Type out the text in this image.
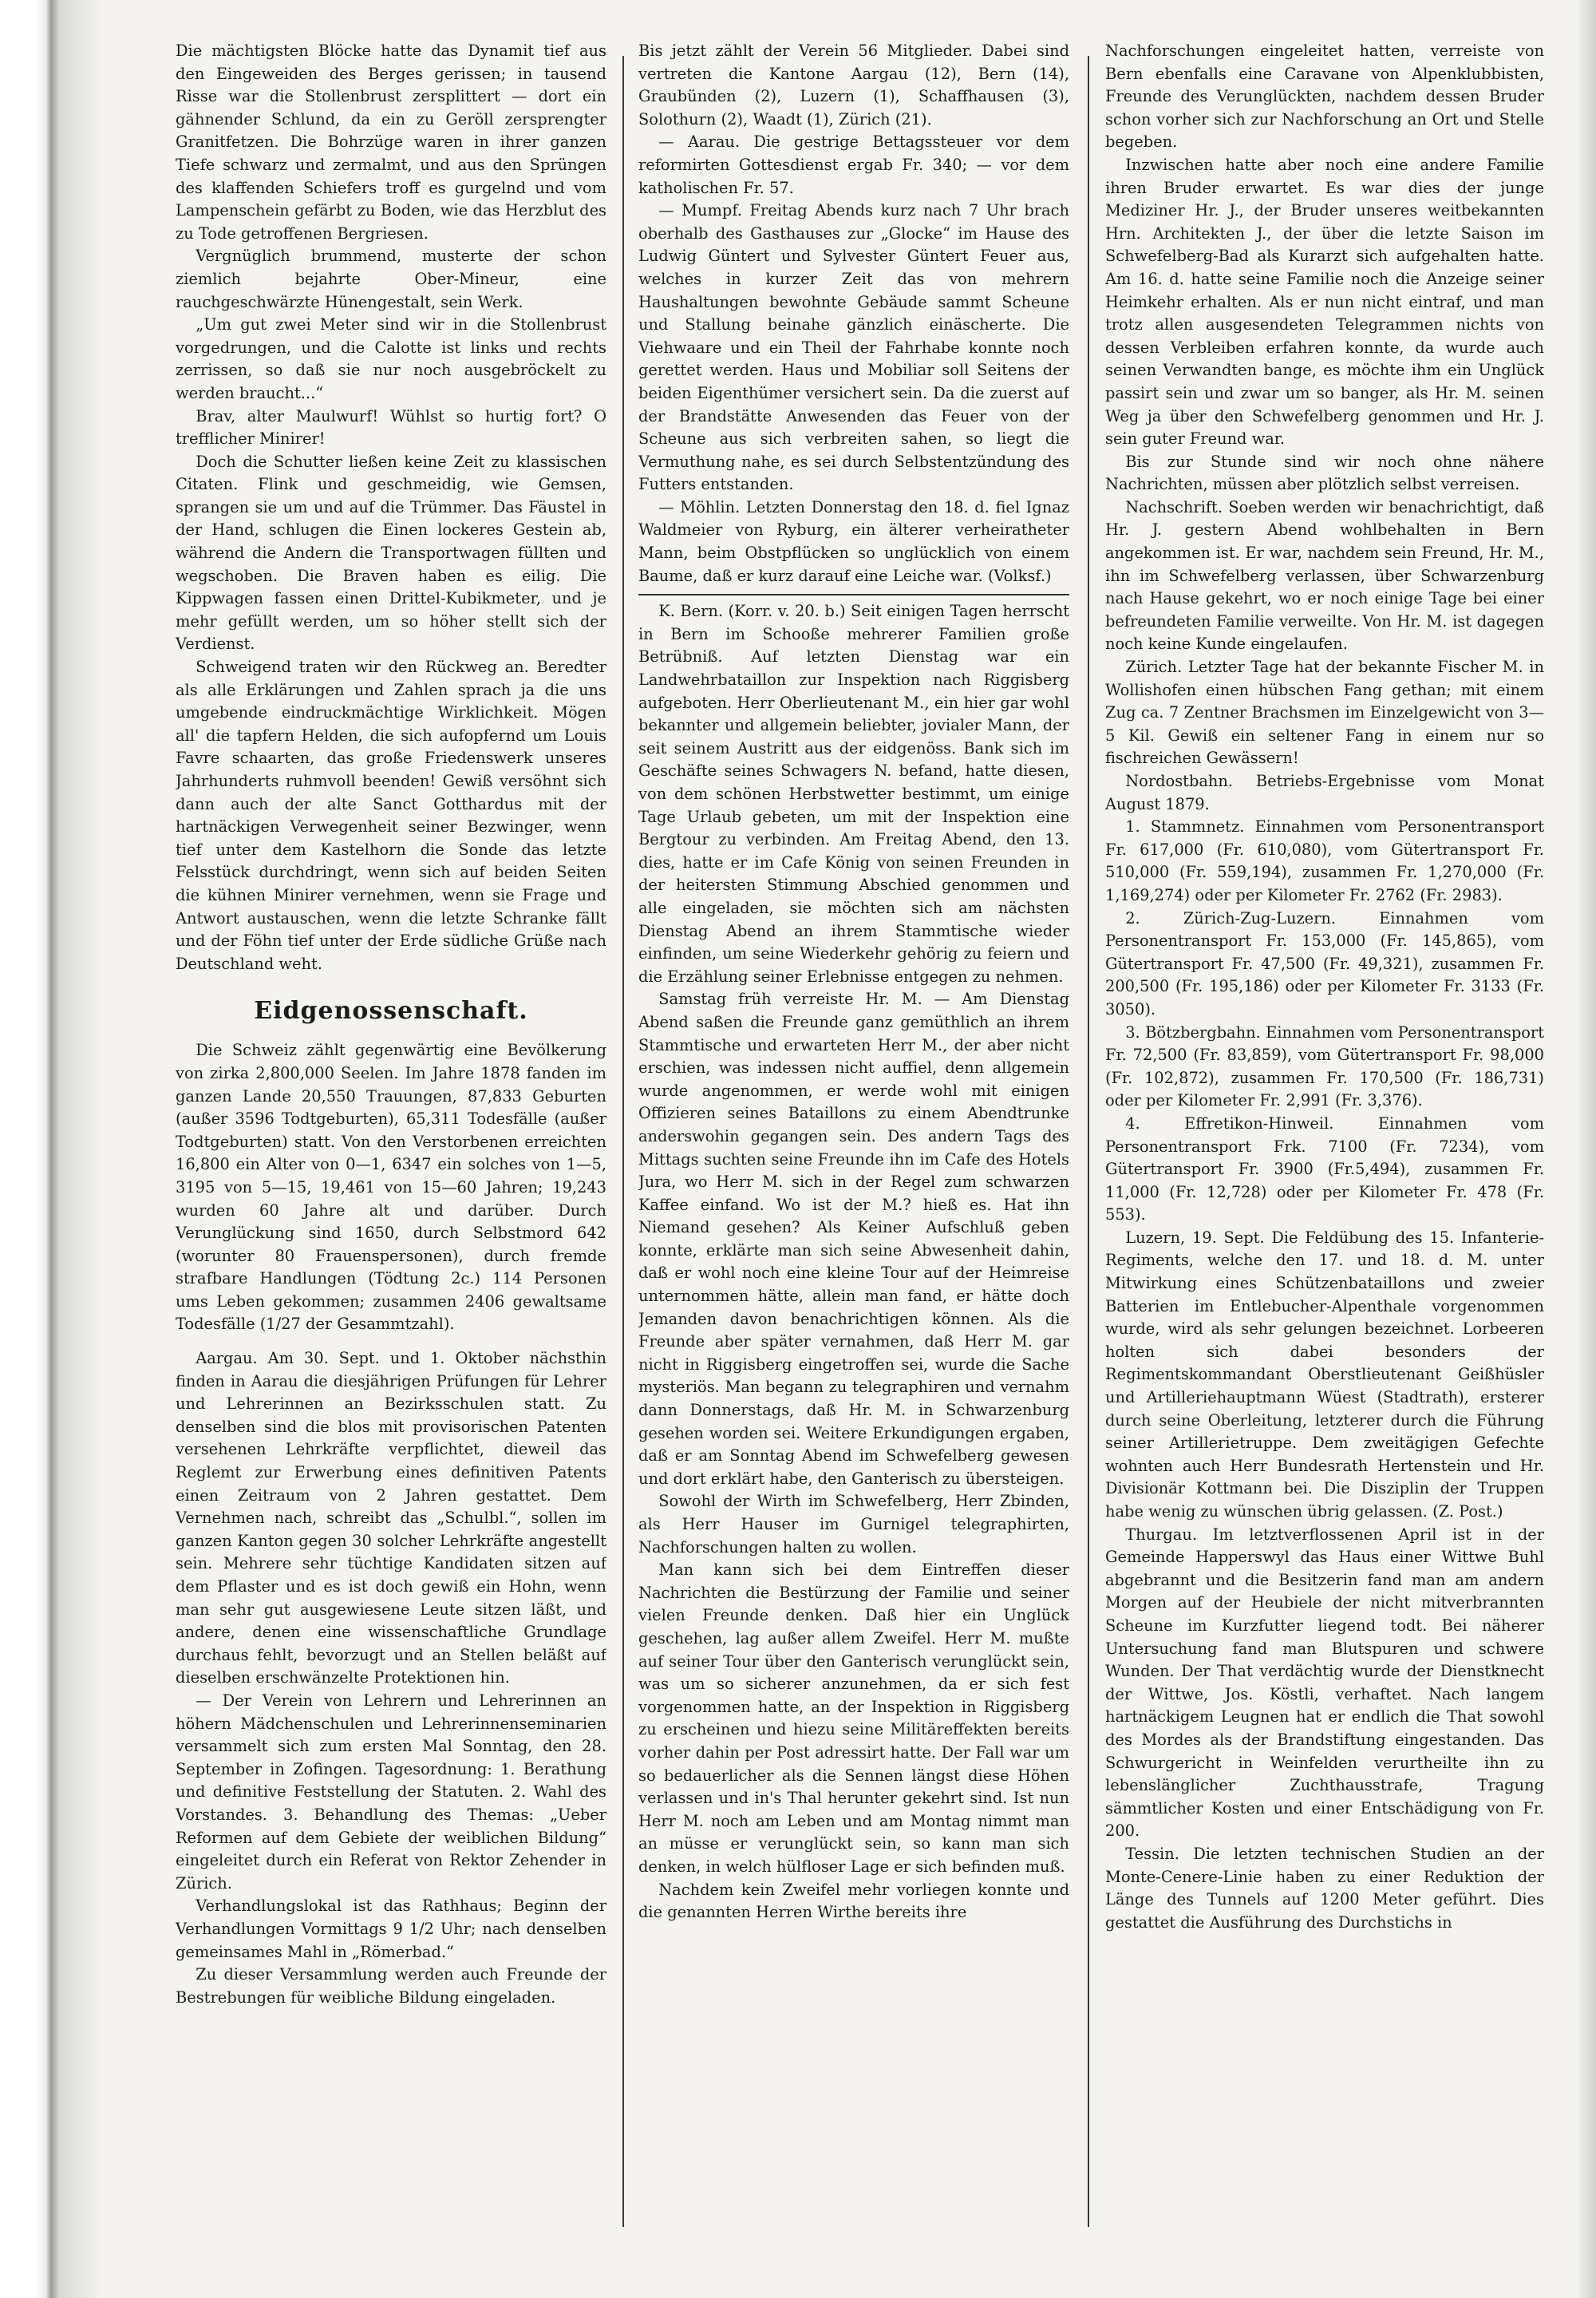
Die mächtigsten Blöcke hatte das Dynamit tief aus den Eingeweiden des Berges gerissen; in tausend Risse war die Stollenbrust zersplittert — dort ein gähnender Schlund, da ein zu Geröll zersprengter Granitfetzen. Die Bohrzüge waren in ihrer ganzen Tiefe schwarz und zermalmt, und aus den Sprüngen des klaffenden Schiefers troff es gurgelnd und vom Lampenschein gefärbt zu Boden, wie das Herzblut des zu Tode getroffenen Bergriesen.

Vergnüglich brummend, musterte der schon ziemlich bejahrte Ober-Mineur, eine rauchgeschwärzte Hünengestalt, sein Werk.

„Um gut zwei Meter sind wir in die Stollenbrust vorgedrungen, und die Calotte ist links und rechts zerrissen, so daß sie nur noch ausgebröckelt zu werden braucht...“

Brav, alter Maulwurf! Wühlst so hurtig fort? O trefflicher Minirer!

Doch die Schutter ließen keine Zeit zu klassischen Citaten. Flink und geschmeidig, wie Gemsen, sprangen sie um und auf die Trümmer. Das Fäustel in der Hand, schlugen die Einen lockeres Gestein ab, während die Andern die Transportwagen füllten und wegschoben. Die Braven haben es eilig. Die Kippwagen fassen einen Drittel-Kubikmeter, und je mehr gefüllt werden, um so höher stellt sich der Verdienst.

Schweigend traten wir den Rückweg an. Beredter als alle Erklärungen und Zahlen sprach ja die uns umgebende eindruckmächtige Wirklichkeit. Mögen all' die tapfern Helden, die sich aufopfernd um Louis Favre schaarten, das große Friedenswerk unseres Jahrhunderts ruhmvoll beenden! Gewiß versöhnt sich dann auch der alte Sanct Gotthardus mit der hartnäckigen Verwegenheit seiner Bezwinger, wenn tief unter dem Kastelhorn die Sonde das letzte Felsstück durchdringt, wenn sich auf beiden Seiten die kühnen Minirer vernehmen, wenn sie Frage und Antwort austauschen, wenn die letzte Schranke fällt und der Föhn tief unter der Erde südliche Grüße nach Deutschland weht.

Eidgenossenschaft.

Die Schweiz zählt gegenwärtig eine Bevölkerung von zirka 2,800,000 Seelen. Im Jahre 1878 fanden im ganzen Lande 20,550 Trauungen, 87,833 Geburten (außer 3596 Todtgeburten), 65,311 Todesfälle (außer Todtgeburten) statt. Von den Verstorbenen erreichten 16,800 ein Alter von 0—1, 6347 ein solches von 1—5, 3195 von 5—15, 19,461 von 15—60 Jahren; 19,243 wurden 60 Jahre alt und darüber. Durch Verunglückung sind 1650, durch Selbstmord 642 (worunter 80 Frauenspersonen), durch fremde strafbare Handlungen (Tödtung 2c.) 114 Personen ums Leben gekommen; zusammen 2406 gewaltsame Todesfälle (1/27 der Gesammtzahl).

Aargau. Am 30. Sept. und 1. Oktober nächsthin finden in Aarau die diesjährigen Prüfungen für Lehrer und Lehrerinnen an Bezirksschulen statt. Zu denselben sind die blos mit provisorischen Patenten versehenen Lehrkräfte verpflichtet, dieweil das Reglemt zur Erwerbung eines definitiven Patents einen Zeitraum von 2 Jahren gestattet. Dem Vernehmen nach, schreibt das „Schulbl.“, sollen im ganzen Kanton gegen 30 solcher Lehrkräfte angestellt sein. Mehrere sehr tüchtige Kandidaten sitzen auf dem Pflaster und es ist doch gewiß ein Hohn, wenn man sehr gut ausgewiesene Leute sitzen läßt, und andere, denen eine wissenschaftliche Grundlage durchaus fehlt, bevorzugt und an Stellen beläßt auf dieselben erschwänzelte Protektionen hin.

— Der Verein von Lehrern und Lehrerinnen an höhern Mädchenschulen und Lehrerinnenseminarien versammelt sich zum ersten Mal Sonntag, den 28. September in Zofingen. Tagesordnung: 1. Berathung und definitive Feststellung der Statuten. 2. Wahl des Vorstandes. 3. Behandlung des Themas: „Ueber Reformen auf dem Gebiete der weiblichen Bildung“ eingeleitet durch ein Referat von Rektor Zehender in Zürich.

Verhandlungslokal ist das Rathhaus; Beginn der Verhandlungen Vormittags 9 1/2 Uhr; nach denselben gemeinsames Mahl in „Römerbad.“

Zu dieser Versammlung werden auch Freunde der Bestrebungen für weibliche Bildung eingeladen.

Bis jetzt zählt der Verein 56 Mitglieder. Dabei sind vertreten die Kantone Aargau (12), Bern (14), Graubünden (2), Luzern (1), Schaffhausen (3), Solothurn (2), Waadt (1), Zürich (21).

— Aarau. Die gestrige Bettagssteuer vor dem reformirten Gottesdienst ergab Fr. 340; — vor dem katholischen Fr. 57.

— Mumpf. Freitag Abends kurz nach 7 Uhr brach oberhalb des Gasthauses zur „Glocke“ im Hause des Ludwig Güntert und Sylvester Güntert Feuer aus, welches in kurzer Zeit das von mehrern Haushaltungen bewohnte Gebäude sammt Scheune und Stallung beinahe gänzlich einäscherte. Die Viehwaare und ein Theil der Fahrhabe konnte noch gerettet werden. Haus und Mobiliar soll Seitens der beiden Eigenthümer versichert sein. Da die zuerst auf der Brandstätte Anwesenden das Feuer von der Scheune aus sich verbreiten sahen, so liegt die Vermuthung nahe, es sei durch Selbstentzündung des Futters entstanden.

— Möhlin. Letzten Donnerstag den 18. d. fiel Ignaz Waldmeier von Ryburg, ein älterer verheiratheter Mann, beim Obstpflücken so unglücklich von einem Baume, daß er kurz darauf eine Leiche war. (Volksf.)

K. Bern. (Korr. v. 20. b.) Seit einigen Tagen herrscht in Bern im Schooße mehrerer Familien große Betrübniß. Auf letzten Dienstag war ein Landwehrbataillon zur Inspektion nach Riggisberg aufgeboten. Herr Oberlieutenant M., ein hier gar wohl bekannter und allgemein beliebter, jovialer Mann, der seit seinem Austritt aus der eidgenöss. Bank sich im Geschäfte seines Schwagers N. befand, hatte diesen, von dem schönen Herbstwetter bestimmt, um einige Tage Urlaub gebeten, um mit der Inspektion eine Bergtour zu verbinden. Am Freitag Abend, den 13. dies, hatte er im Cafe König von seinen Freunden in der heitersten Stimmung Abschied genommen und alle eingeladen, sie möchten sich am nächsten Dienstag Abend an ihrem Stammtische wieder einfinden, um seine Wiederkehr gehörig zu feiern und die Erzählung seiner Erlebnisse entgegen zu nehmen.

Samstag früh verreiste Hr. M. — Am Dienstag Abend saßen die Freunde ganz gemüthlich an ihrem Stammtische und erwarteten Herr M., der aber nicht erschien, was indessen nicht auffiel, denn allgemein wurde angenommen, er werde wohl mit einigen Offizieren seines Bataillons zu einem Abendtrunke anderswohin gegangen sein. Des andern Tags des Mittags suchten seine Freunde ihn im Cafe des Hotels Jura, wo Herr M. sich in der Regel zum schwarzen Kaffee einfand. Wo ist der M.? hieß es. Hat ihn Niemand gesehen? Als Keiner Aufschluß geben konnte, erklärte man sich seine Abwesenheit dahin, daß er wohl noch eine kleine Tour auf der Heimreise unternommen hätte, allein man fand, er hätte doch Jemanden davon benachrichtigen können. Als die Freunde aber später vernahmen, daß Herr M. gar nicht in Riggisberg eingetroffen sei, wurde die Sache mysteriös. Man begann zu telegraphiren und vernahm dann Donnerstags, daß Hr. M. in Schwarzenburg gesehen worden sei. Weitere Erkundigungen ergaben, daß er am Sonntag Abend im Schwefelberg gewesen und dort erklärt habe, den Ganterisch zu übersteigen.

Sowohl der Wirth im Schwefelberg, Herr Zbinden, als Herr Hauser im Gurnigel telegraphirten, Nachforschungen halten zu wollen.

Man kann sich bei dem Eintreffen dieser Nachrichten die Bestürzung der Familie und seiner vielen Freunde denken. Daß hier ein Unglück geschehen, lag außer allem Zweifel. Herr M. mußte auf seiner Tour über den Ganterisch verunglückt sein, was um so sicherer anzunehmen, da er sich fest vorgenommen hatte, an der Inspektion in Riggisberg zu erscheinen und hiezu seine Militäreffekten bereits vorher dahin per Post adressirt hatte. Der Fall war um so bedauerlicher als die Sennen längst diese Höhen verlassen und in's Thal herunter gekehrt sind. Ist nun Herr M. noch am Leben und am Montag nimmt man an müsse er verunglückt sein, so kann man sich denken, in welch hülfloser Lage er sich befinden muß.

Nachdem kein Zweifel mehr vorliegen konnte und die genannten Herren Wirthe bereits ihre

Nachforschungen eingeleitet hatten, verreiste von Bern ebenfalls eine Caravane von Alpenklubbisten, Freunde des Verunglückten, nachdem dessen Bruder schon vorher sich zur Nachforschung an Ort und Stelle begeben.

Inzwischen hatte aber noch eine andere Familie ihren Bruder erwartet. Es war dies der junge Mediziner Hr. J., der Bruder unseres weitbekannten Hrn. Architekten J., der über die letzte Saison im Schwefelberg-Bad als Kurarzt sich aufgehalten hatte. Am 16. d. hatte seine Familie noch die Anzeige seiner Heimkehr erhalten. Als er nun nicht eintraf, und man trotz allen ausgesendeten Telegrammen nichts von dessen Verbleiben erfahren konnte, da wurde auch seinen Verwandten bange, es möchte ihm ein Unglück passirt sein und zwar um so banger, als Hr. M. seinen Weg ja über den Schwefelberg genommen und Hr. J. sein guter Freund war.

Bis zur Stunde sind wir noch ohne nähere Nachrichten, müssen aber plötzlich selbst verreisen.

Nachschrift. Soeben werden wir benachrichtigt, daß Hr. J. gestern Abend wohlbehalten in Bern angekommen ist. Er war, nachdem sein Freund, Hr. M., ihn im Schwefelberg verlassen, über Schwarzenburg nach Hause gekehrt, wo er noch einige Tage bei einer befreundeten Familie verweilte. Von Hr. M. ist dagegen noch keine Kunde eingelaufen.

Zürich. Letzter Tage hat der bekannte Fischer M. in Wollishofen einen hübschen Fang gethan; mit einem Zug ca. 7 Zentner Brachsmen im Einzelgewicht von 3—5 Kil. Gewiß ein seltener Fang in einem nur so fischreichen Gewässern!

Nordostbahn. Betriebs-Ergebnisse vom Monat August 1879.

1. Stammnetz. Einnahmen vom Personentransport Fr. 617,000 (Fr. 610,080), vom Gütertransport Fr. 510,000 (Fr. 559,194), zusammen Fr. 1,270,000 (Fr. 1,169,274) oder per Kilometer Fr. 2762 (Fr. 2983).

2. Zürich-Zug-Luzern. Einnahmen vom Personentransport Fr. 153,000 (Fr. 145,865), vom Gütertransport Fr. 47,500 (Fr. 49,321), zusammen Fr. 200,500 (Fr. 195,186) oder per Kilometer Fr. 3133 (Fr. 3050).

3. Bötzbergbahn. Einnahmen vom Personentransport Fr. 72,500 (Fr. 83,859), vom Gütertransport Fr. 98,000 (Fr. 102,872), zusammen Fr. 170,500 (Fr. 186,731) oder per Kilometer Fr. 2,991 (Fr. 3,376).

4. Effretikon-Hinweil. Einnahmen vom Personentransport Frk. 7100 (Fr. 7234), vom Gütertransport Fr. 3900 (Fr.5,494), zusammen Fr. 11,000 (Fr. 12,728) oder per Kilometer Fr. 478 (Fr. 553).

Luzern, 19. Sept. Die Feldübung des 15. Infanterie-Regiments, welche den 17. und 18. d. M. unter Mitwirkung eines Schützenbataillons und zweier Batterien im Entlebucher-Alpenthale vorgenommen wurde, wird als sehr gelungen bezeichnet. Lorbeeren holten sich dabei besonders der Regimentskommandant Oberstlieutenant Geißhüsler und Artilleriehauptmann Wüest (Stadtrath), ersterer durch seine Oberleitung, letzterer durch die Führung seiner Artillerietruppe. Dem zweitägigen Gefechte wohnten auch Herr Bundesrath Hertenstein und Hr. Divisionär Kottmann bei. Die Disziplin der Truppen habe wenig zu wünschen übrig gelassen. (Z. Post.)

Thurgau. Im letztverflossenen April ist in der Gemeinde Happerswyl das Haus einer Wittwe Buhl abgebrannt und die Besitzerin fand man am andern Morgen auf der Heubiele der nicht mitverbrannten Scheune im Kurzfutter liegend todt. Bei näherer Untersuchung fand man Blutspuren und schwere Wunden. Der That verdächtig wurde der Dienstknecht der Wittwe, Jos. Köstli, verhaftet. Nach langem hartnäckigem Leugnen hat er endlich die That sowohl des Mordes als der Brandstiftung eingestanden. Das Schwurgericht in Weinfelden verurtheilte ihn zu lebenslänglicher Zuchthausstrafe, Tragung sämmtlicher Kosten und einer Entschädigung von Fr. 200.

Tessin. Die letzten technischen Studien an der Monte-Cenere-Linie haben zu einer Reduktion der Länge des Tunnels auf 1200 Meter geführt. Dies gestattet die Ausführung des Durchstichs in
